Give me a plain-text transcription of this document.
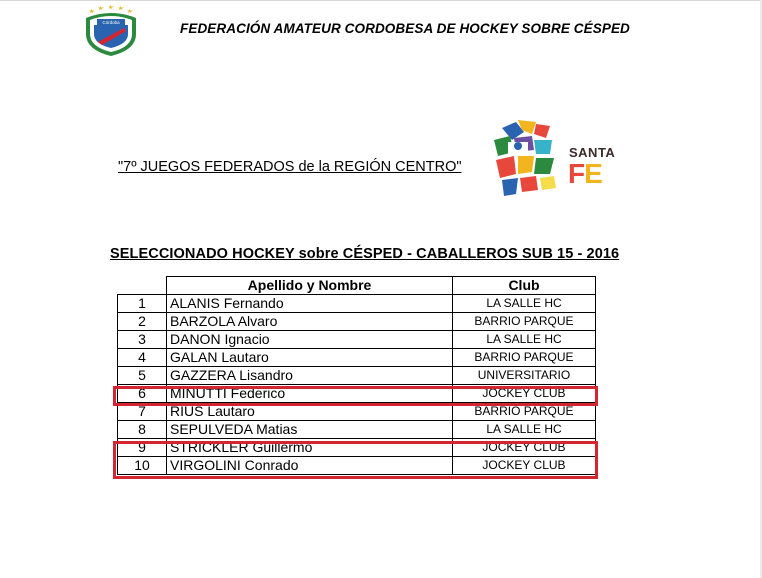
Córdoba	FEDERACIÓN AMATEUR CORDOBESA DE HOCKEY SOBRE CÉSPED
"7º JUEGOS FEDERADOS de la REGIÓN CENTRO"
SANTA
FE
SELECCIONADO HOCKEY sobre CÉSPED - CABALLEROS SUB 15 - 2016
	Apellido y Nombre	Club
1	ALANIS Fernando	LA SALLE HC
2	BARZOLA Alvaro	BARRIO PARQUE
3	DANON Ignacio	LA SALLE HC
4	GALAN Lautaro	BARRIO PARQUE
5	GAZZERA Lisandro	UNIVERSITARIO
6	MINUTTI Federico	JOCKEY CLUB
7	RIUS Lautaro	BARRIO PARQUE
8	SEPULVEDA Matias	LA SALLE HC
9	STRICKLER Guillermo	JOCKEY CLUB
10	VIRGOLINI Conrado	JOCKEY CLUB
